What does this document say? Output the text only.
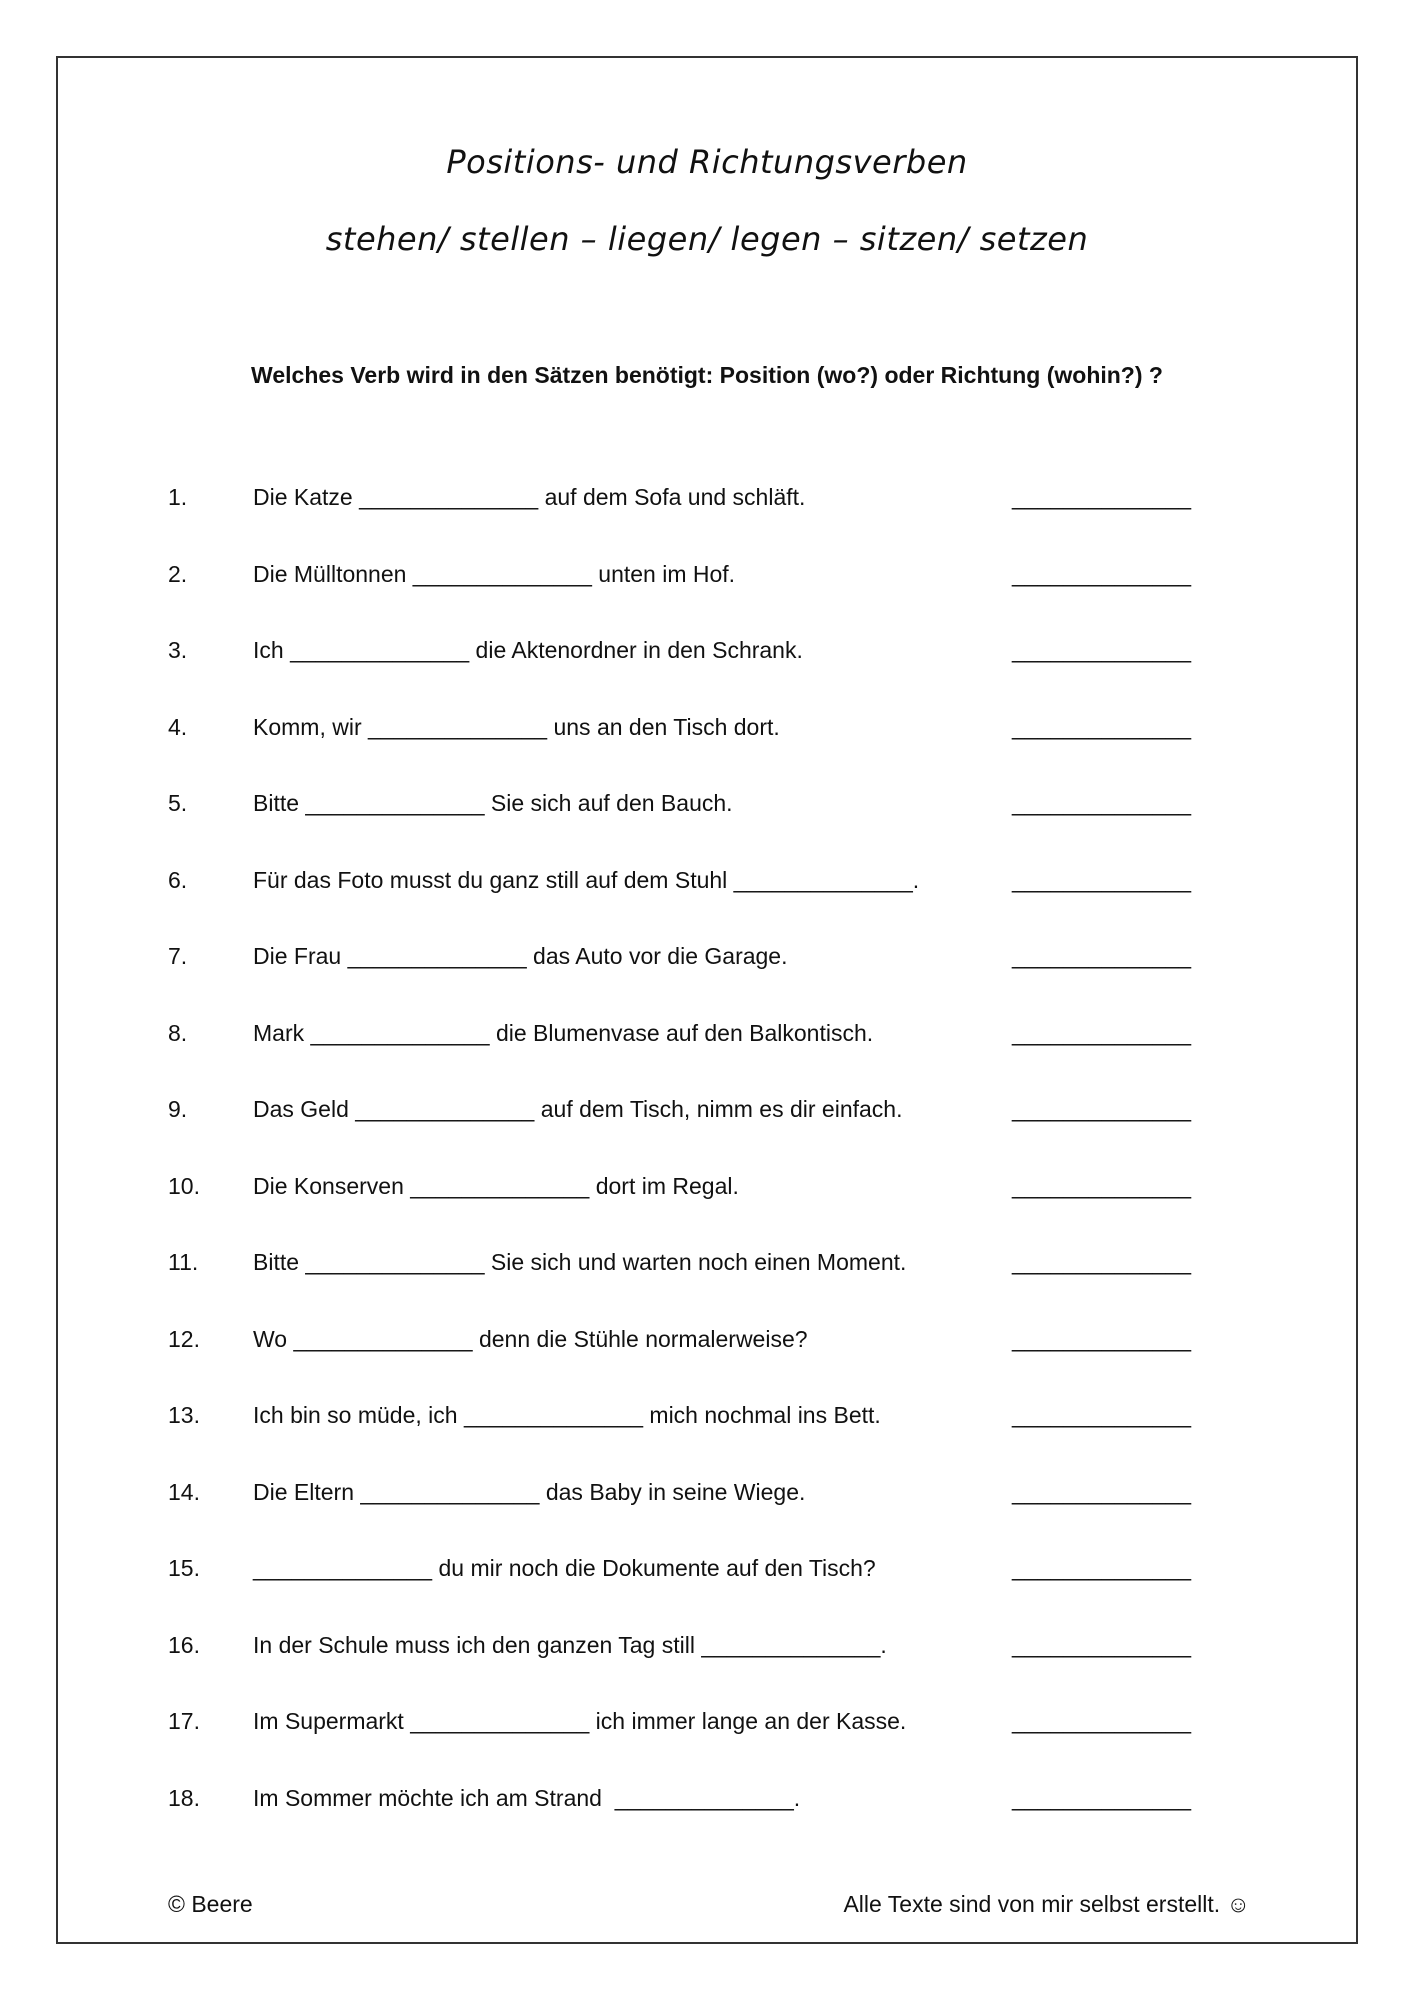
Positions- und Richtungsverben
stehen/ stellen – liegen/ legen – sitzen/ setzen
Welches Verb wird in den Sätzen benötigt: Position (wo?) oder Richtung (wohin?) ?
1.	Die Katze ______________ auf dem Sofa und schläft.	______________
2.	Die Mülltonnen ______________ unten im Hof.	______________
3.	Ich ______________ die Aktenordner in den Schrank.	______________
4.	Komm, wir ______________ uns an den Tisch dort.	______________
5.	Bitte ______________ Sie sich auf den Bauch.	______________
6.	Für das Foto musst du ganz still auf dem Stuhl ______________.	______________
7.	Die Frau ______________ das Auto vor die Garage.	______________
8.	Mark ______________ die Blumenvase auf den Balkontisch.	______________
9.	Das Geld ______________ auf dem Tisch, nimm es dir einfach.	______________
10. Die Konserven ______________ dort im Regal.	______________
11. Bitte ______________ Sie sich und warten noch einen Moment.	______________
12. Wo ______________ denn die Stühle normalerweise?	______________
13. Ich bin so müde, ich ______________ mich nochmal ins Bett.	______________
14. Die Eltern ______________ das Baby in seine Wiege.	______________
15. ______________ du mir noch die Dokumente auf den Tisch?	______________
16. In der Schule muss ich den ganzen Tag still ______________.	______________
17. Im Supermarkt ______________ ich immer lange an der Kasse.	______________
18. Im Sommer möchte ich am Strand  ______________.	______________
© Beere	Alle Texte sind von mir selbst erstellt. ☺
